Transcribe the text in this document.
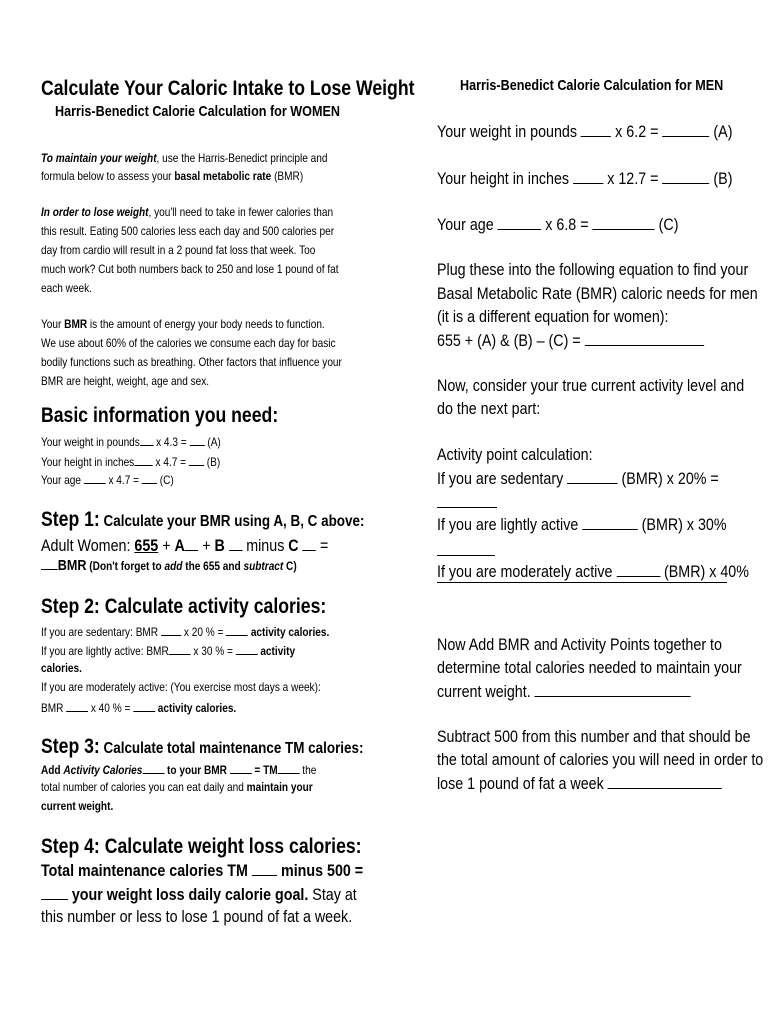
Calculate Your Caloric Intake to Lose Weight
Harris-Benedict Calorie Calculation for WOMEN
To maintain your weight, use the Harris-Benedict principle and
formula below to assess your basal metabolic rate (BMR)
In order to lose weight, you'll need to take in fewer calories than
this result. Eating 500 calories less each day and 500 calories per
day from cardio will result in a 2 pound fat loss that week. Too
much work? Cut both numbers back to 250 and lose 1 pound of fat
each week.
Your BMR is the amount of energy your body needs to function.
We use about 60% of the calories we consume each day for basic
bodily functions such as breathing. Other factors that influence your
BMR are height, weight, age and sex.
Basic information you need:
Your weight in pounds x 4.3 =  (A)
Your height in inches x 4.7 =  (B)
Your age  x 4.7 =  (C)
Step 1: Calculate your BMR using A, B, C above:
Adult Women: 655 + A + B  minus C  =
BMR (Don't forget to add the 655 and subtract C)
Step 2: Calculate activity calories:
If you are sedentary: BMR  x 20 % =  activity calories.
If you are lightly active: BMR x 30 % =  activity
calories.
If you are moderately active: (You exercise most days a week):
BMR  x 40 % =  activity calories.
Step 3: Calculate total maintenance TM calories:
Add Activity Calories to your BMR  = TM the
total number of calories you can eat daily and maintain your
current weight.
Step 4: Calculate weight loss calories:
Total maintenance calories TM  minus 500 =
your weight loss daily calorie goal. Stay at
this number or less to lose 1 pound of fat a week.
Harris-Benedict Calorie Calculation for MEN
Your weight in pounds  x 6.2 =	(A)
Your height in inches  x 12.7 =	(B)
Your age	x 6.8 =	(C)
Plug these into the following equation to find your
Basal Metabolic Rate (BMR) caloric needs for men
(it is a different equation for women):
655 + (A) & (B) – (C) =
Now, consider your true current activity level and
do the next part:
Activity point calculation:
If you are sedentary	(BMR) x 20% =
If you are lightly active	(BMR) x 30%
If you are moderately active	(BMR) x 40%
Now Add BMR and Activity Points together to
determine total calories needed to maintain your
current weight.
Subtract 500 from this number and that should be
the total amount of calories you will need in order to
lose 1 pound of fat a week
